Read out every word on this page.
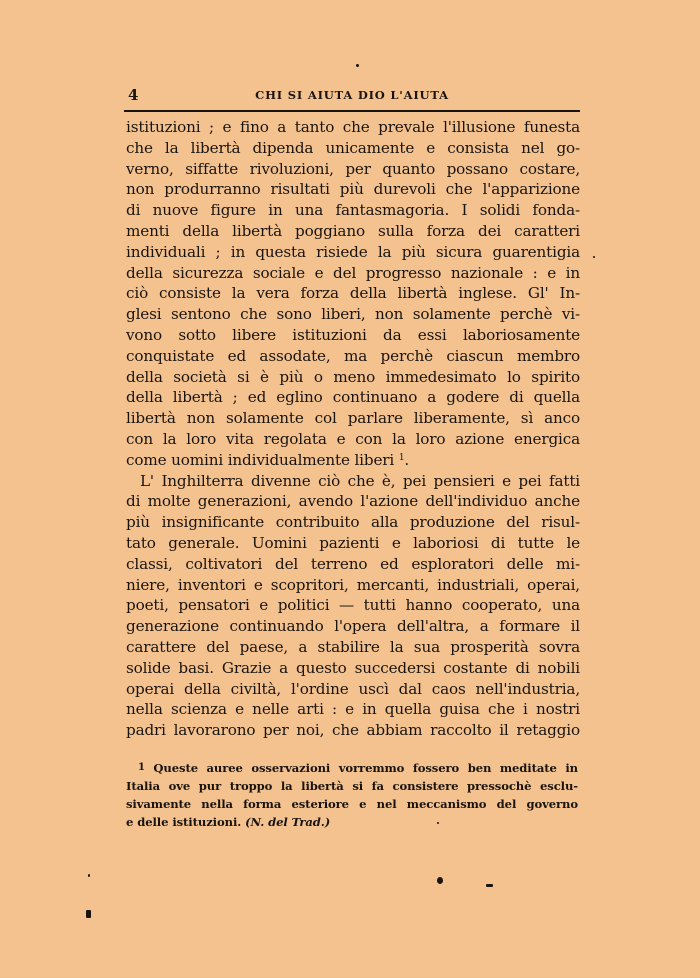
4	CHI SI AIUTA DIO L'AIUTA
istituzioni ; e fino a tanto che prevale l'illusione funesta
che la libertà dipenda unicamente e consista nel go-
verno, siffatte rivoluzioni, per quanto possano costare,
non produrranno risultati più durevoli che l'apparizione
di nuove figure in una fantasmagoria. I solidi fonda-
menti della libertà poggiano sulla forza dei caratteri
individuali ; in questa risiede la più sicura guarentigia
della sicurezza sociale e del progresso nazionale : e in
ciò consiste la vera forza della libertà inglese. Gl' In-
glesi sentono che sono liberi, non solamente perchè vi-
vono sotto libere istituzioni da essi laboriosamente
conquistate ed assodate, ma perchè ciascun membro
della società si è più o meno immedesimato lo spirito
della libertà ; ed eglino continuano a godere di quella
libertà non solamente col parlare liberamente, sì anco
con la loro vita regolata e con la loro azione energica
come uomini individualmente liberi $^1$.
L' Inghilterra divenne ciò che è, pei pensieri e pei fatti
di molte generazioni, avendo l'azione dell'individuo anche
più insignificante contribuito alla produzione del risul-
tato generale. Uomini pazienti e laboriosi di tutte le
classi, coltivatori del terreno ed esploratori delle mi-
niere, inventori e scopritori, mercanti, industriali, operai,
poeti, pensatori e politici — tutti hanno cooperato, una
generazione continuando l'opera dell'altra, a formare il
carattere del paese, a stabilire la sua prosperità sovra
solide basi. Grazie a questo succedersi costante di nobili
operai della civiltà, l'ordine uscì dal caos nell'industria,
nella scienza e nelle arti : e in quella guisa che i nostri
padri lavorarono per noi, che abbiam raccolto il retaggio
1 Queste auree osservazioni vorremmo fossero ben meditate in
Italia ove pur troppo la libertà si fa consistere pressochè esclu-
sivamente nella forma esteriore e nel meccanismo del governo
e delle istituzioni. (N. del Trad.)
